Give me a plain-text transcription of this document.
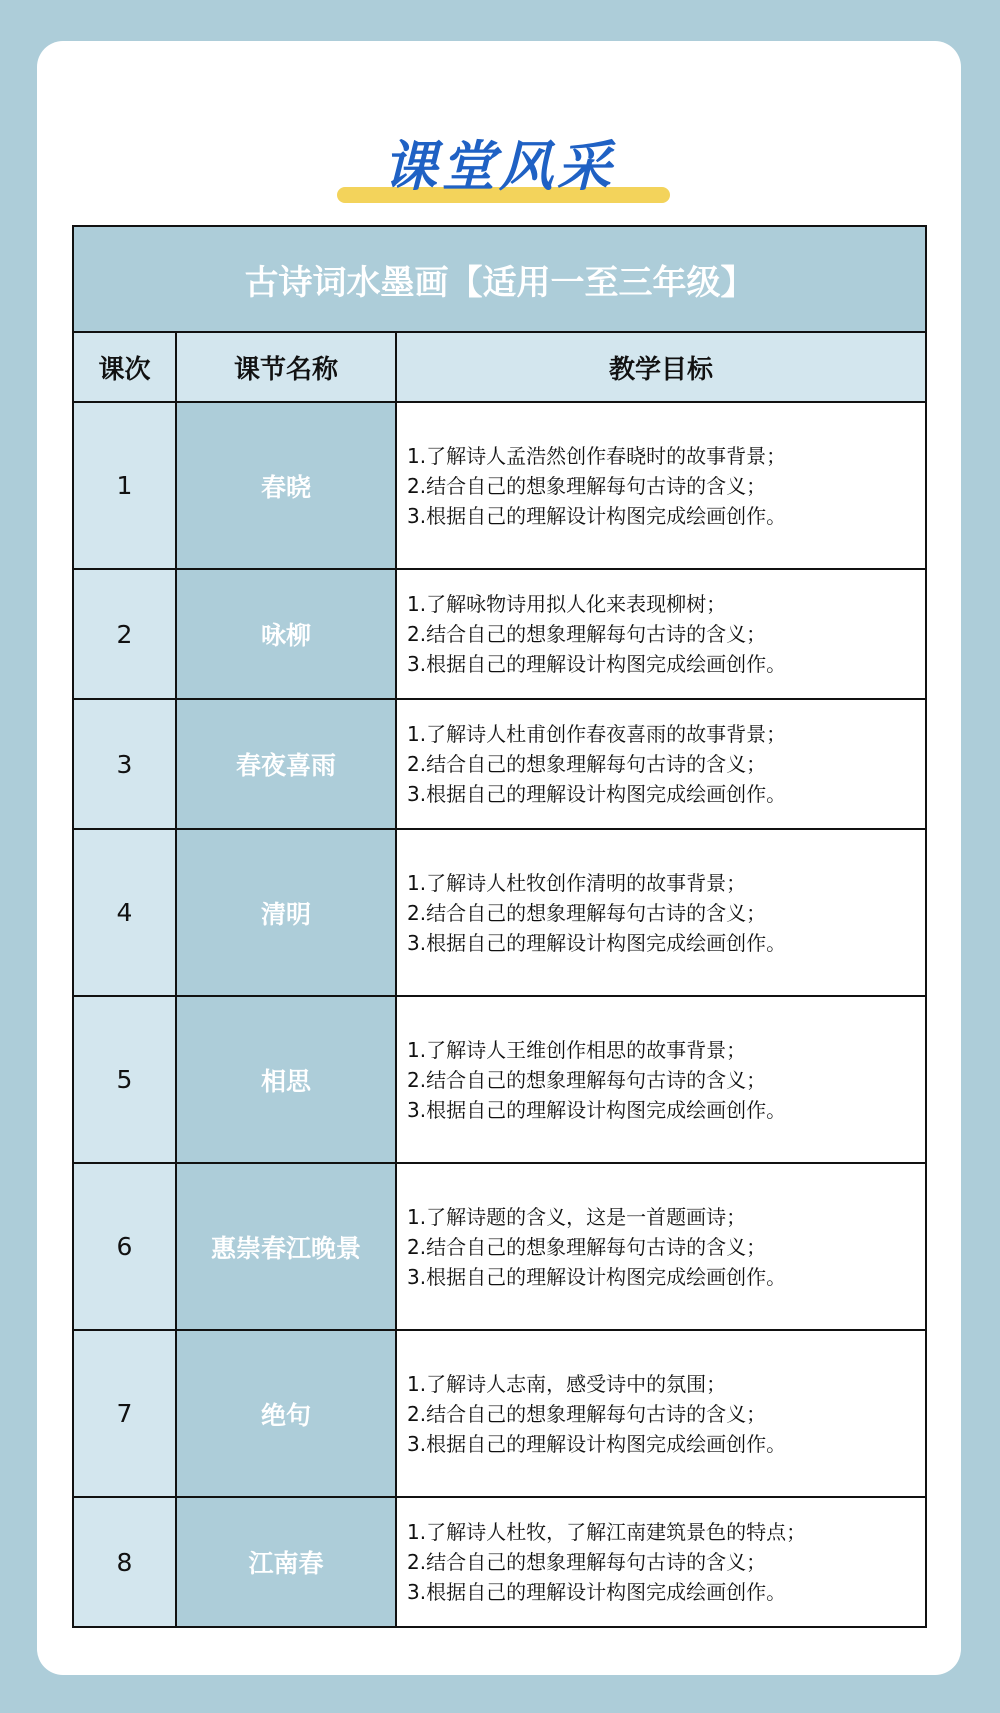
课堂风采
古诗词水墨画【适用一至三年级】		
课次	课节名称	教学目标
1	春晓	1.了解诗人孟浩然创作春晓时的故事背景；
2.结合自己的想象理解每句古诗的含义；
3.根据自己的理解设计构图完成绘画创作。

2	咏柳	1.了解咏物诗用拟人化来表现柳树；
2.结合自己的想象理解每句古诗的含义；
3.根据自己的理解设计构图完成绘画创作。

3	春夜喜雨	1.了解诗人杜甫创作春夜喜雨的故事背景；
2.结合自己的想象理解每句古诗的含义；
3.根据自己的理解设计构图完成绘画创作。

4	清明	1.了解诗人杜牧创作清明的故事背景；
2.结合自己的想象理解每句古诗的含义；
3.根据自己的理解设计构图完成绘画创作。

5	相思	1.了解诗人王维创作相思的故事背景；
2.结合自己的想象理解每句古诗的含义；
3.根据自己的理解设计构图完成绘画创作。

6	惠崇春江晚景	1.了解诗题的含义，这是一首题画诗；
2.结合自己的想象理解每句古诗的含义；
3.根据自己的理解设计构图完成绘画创作。

7	绝句	1.了解诗人志南，感受诗中的氛围；
2.结合自己的想象理解每句古诗的含义；
3.根据自己的理解设计构图完成绘画创作。

8	江南春	1.了解诗人杜牧，了解江南建筑景色的特点；
2.结合自己的想象理解每句古诗的含义；
3.根据自己的理解设计构图完成绘画创作。
